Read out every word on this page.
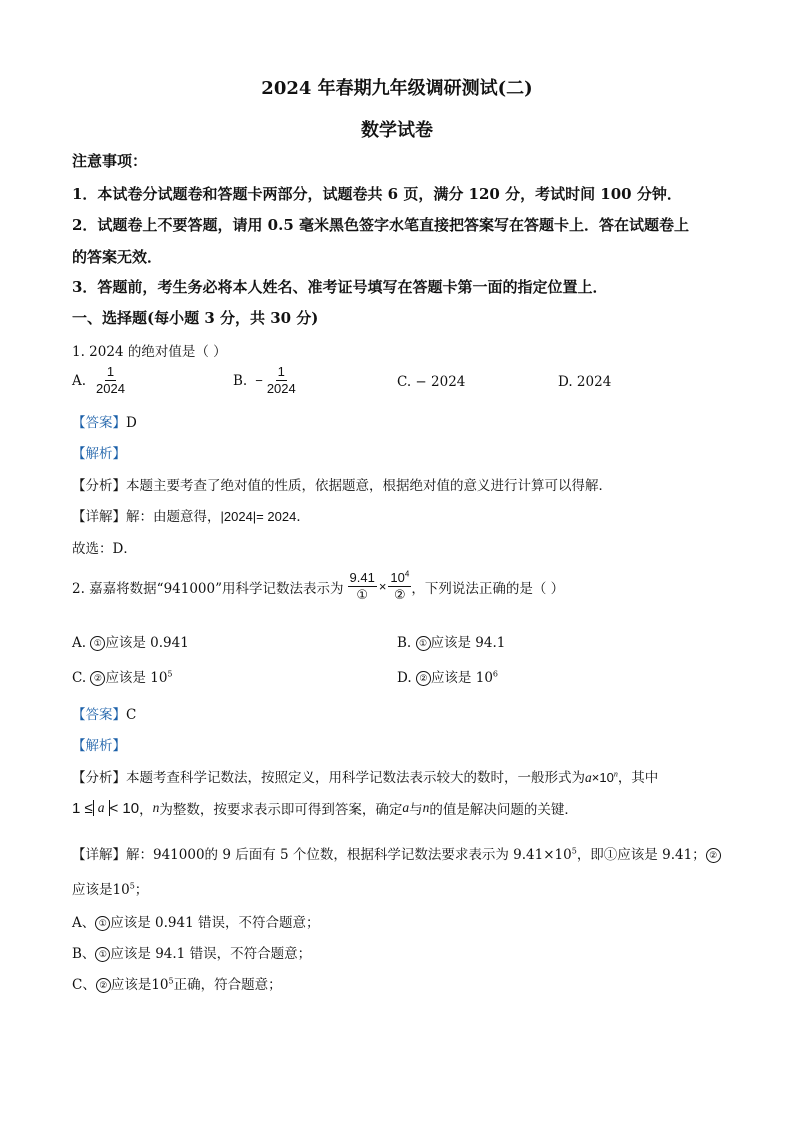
2024 年春期九年级调研测试(二)
数学试卷
注意事项：
1．本试卷分试题卷和答题卡两部分，试题卷共 6 页，满分 120 分，考试时间 100 分钟．
2．试题卷上不要答题，请用 0.5 毫米黑色签字水笔直接把答案写在答题卡上．答在试题卷上
的答案无效．
3．答题前，考生务必将本人姓名、准考证号填写在答题卡第一面的指定位置上．
一、选择题(每小题 3 分，共 30 分)
1. 2024 的绝对值是（ ）
A. $\frac{1}{2024}$	B. − $\frac{1}{2024}$	C. − 2024	D. 2024
【答案】D
【解析】
【分析】本题主要考查了绝对值的性质，依据题意，根据绝对值的意义进行计算可以得解．
【详解】解：由题意得，|2024|= 2024．
故选：D．
2. 嘉嘉将数据“941000”用科学记数法表示为 $\frac{9.41}{\text{①}} \times \frac{10^4}{\text{②}}$ ，下列说法正确的是（ ）
A. ① 应该是 0.941	B. ① 应该是 94.1
C. ② 应该是 $10^5$	D. ② 应该是 $10^6$
【答案】C
【解析】
【分析】本题考查科学记数法，按照定义，用科学记数法表示较大的数时，一般形式为$a\times 10^n$，其中
1 ≤ a < 10 ， n 为整数，按要求表示即可得到答案，确定 a 与 n 的值是解决问题的关键．
【详解】解：941000的 9 后面有 5 个位数，根据科学记数法要求表示为 $9.41\times 10^5$，即①应该是 9.41； ②
应该是$10^5$；
A、 ① 应该是 0.941 错误，不符合题意；
B、 ① 应该是 94.1 错误，不符合题意；
C、 ② 应该是$10^5$正确，符合题意；
